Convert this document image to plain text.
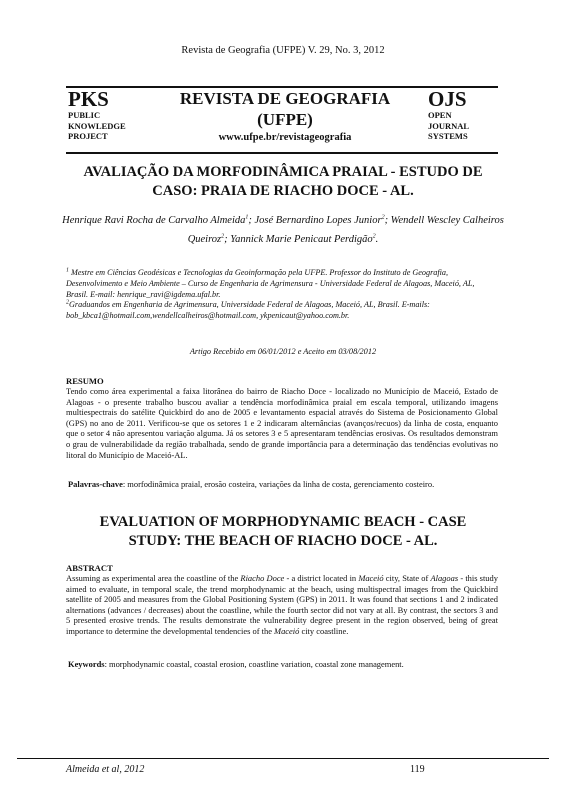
Revista de Geografia (UFPE) V. 29, No. 3, 2012
PKS
PUBLIC
KNOWLEDGE
PROJECT
REVISTA DE GEOGRAFIA
(UFPE)
www.ufpe.br/revistageografia
OJS
OPEN
JOURNAL
SYSTEMS
AVALIAÇÃO DA MORFODINÂMICA PRAIAL - ESTUDO DE
CASO: PRAIA DE RIACHO DOCE - AL.
Henrique Ravi Rocha de Carvalho Almeida$^1$; José Bernardino Lopes Junior$^2$; Wendell Wescley Calheiros Queiroz$^2$; Yannick Marie Penicaut Perdigão$^2$.

$^1$ Mestre em Ciências Geodésicas e Tecnologias da Geoinformação pela UFPE. Professor do Instituto de Geografia, Desenvolvimento e Meio Ambiente – Curso de Engenharia de Agrimensura - Universidade Federal de Alagoas, Maceió, AL, Brasil. E-mail: henrique_ravi@igdema.ufal.br.

$^2$Graduandos em Engenharia de Agrimensura, Universidade Federal de Alagoas, Maceió, AL, Brasil. E-mails: bob_kbca1@hotmail.com,wendellcalheiros@hotmail.com, ykpenicaut@yahoo.com.br.

Artigo Recebido em 06/01/2012 e Aceito em 03/08/2012
RESUMO
Tendo como área experimental a faixa litorânea do bairro de Riacho Doce - localizado no Município de Maceió, Estado de Alagoas - o presente trabalho buscou avaliar a tendência morfodinâmica praial em escala temporal, utilizando imagens multiespectrais do satélite Quickbird do ano de 2005 e levantamento espacial através do Sistema de Posicionamento Global (GPS) no ano de 2011. Verificou-se que os setores 1 e 2 indicaram alternâncias (avanços/recuos) da linha de costa, enquanto que o setor 4 não apresentou variação alguma. Já os setores 3 e 5 apresentaram tendências erosivas. Os resultados demonstram o grau de vulnerabilidade da região trabalhada, sendo de grande importância para a determinação das tendências evolutivas no litoral do Município de Maceió-AL.
Palavras-chave: morfodinâmica praial, erosão costeira, variações da linha de costa, gerenciamento costeiro.
EVALUATION OF MORPHODYNAMIC BEACH - CASE
STUDY: THE BEACH OF RIACHO DOCE - AL.
ABSTRACT
Assuming as experimental area the coastline of the Riacho Doce - a district located in Maceió city, State of Alagoas - this study aimed to evaluate, in temporal scale, the trend morphodynamic at the beach, using multispectral images from the Quickbird satellite of 2005 and measures from the Global Positioning System (GPS) in 2011. It was found that sections 1 and 2 indicated alternations (advances / decreases) about the coastline, while the fourth sector did not vary at all. By contrast, the sectors 3 and 5 presented erosive trends. The results demonstrate the vulnerability degree present in the region observed, being of great importance to determine the developmental tendencies of the Maceió city coastline.
Keywords: morphodynamic coastal, coastal erosion, coastline variation, coastal zone management.
Almeida et al, 2012	119
